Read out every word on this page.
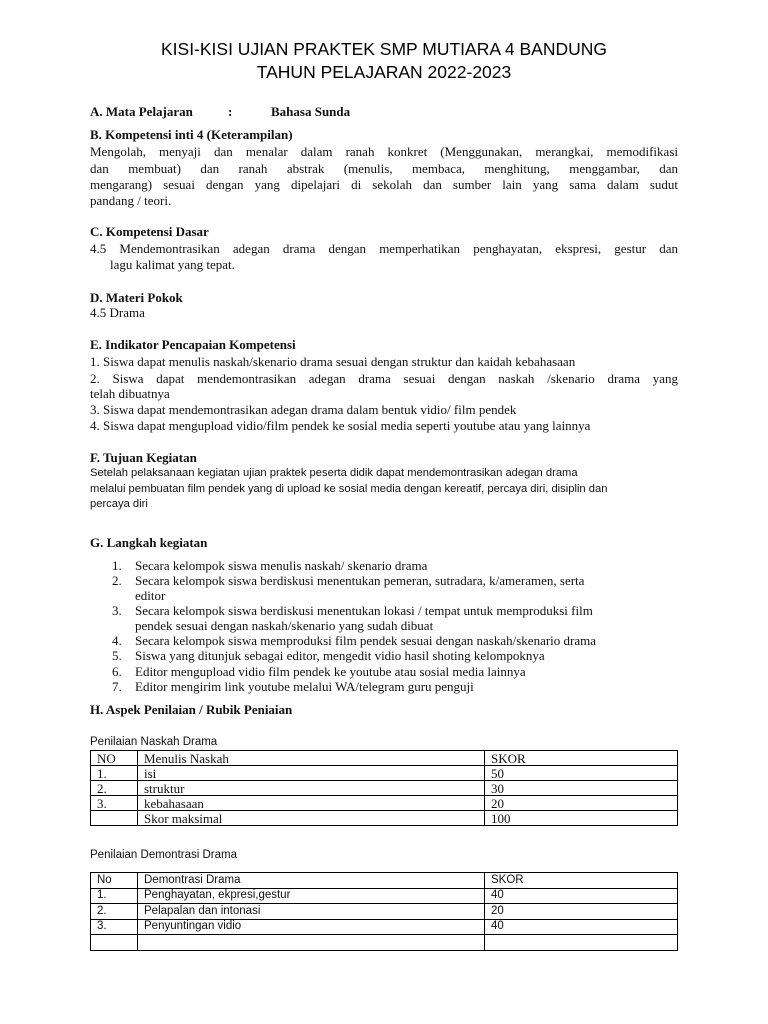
KISI-KISI UJIAN PRAKTEK SMP MUTIARA 4 BANDUNG
TAHUN PELAJARAN 2022-2023
A. Mata Pelajaran	:	Bahasa Sunda
B. Kompetensi inti 4 (Keterampilan)
Mengolah, menyaji dan menalar dalam ranah konkret (Menggunakan, merangkai, memodifikasi
dan membuat) dan ranah abstrak (menulis, membaca, menghitung, menggambar, dan
mengarang) sesuai dengan yang dipelajari di sekolah dan sumber lain yang sama dalam sudut
pandang / teori.
C. Kompetensi Dasar
4.5 Mendemontrasikan adegan drama dengan memperhatikan penghayatan, ekspresi, gestur dan
lagu kalimat yang tepat.
D. Materi Pokok
4.5 Drama
E. Indikator Pencapaian Kompetensi
1. Siswa dapat menulis naskah/skenario drama sesuai dengan struktur dan kaidah kebahasaan
2. Siswa dapat mendemontrasikan adegan drama sesuai dengan naskah /skenario drama yang
telah dibuatnya
3. Siswa dapat mendemontrasikan adegan drama dalam bentuk vidio/ film pendek
4. Siswa dapat mengupload vidio/film pendek ke sosial media seperti youtube atau yang lainnya
F. Tujuan Kegiatan
Setelah pelaksanaan kegiatan ujian praktek peserta didik dapat mendemontrasikan adegan drama
melalui pembuatan film pendek yang di upload ke sosial media dengan kereatif, percaya diri, disiplin dan
percaya diri
G. Langkah kegiatan
1. Secara kelompok siswa menulis naskah/ skenario drama
2. Secara kelompok siswa berdiskusi menentukan pemeran, sutradara, k/ameramen, serta
editor
3. Secara kelompok siswa berdiskusi menentukan lokasi / tempat untuk memproduksi film
pendek sesuai dengan naskah/skenario yang sudah dibuat
4. Secara kelompok siswa memproduksi film pendek sesuai dengan naskah/skenario drama
5. Siswa yang ditunjuk sebagai editor, mengedit vidio hasil shoting kelompoknya
6. Editor mengupload vidio film pendek ke youtube atau sosial media lainnya
7. Editor mengirim link youtube melalui WA/telegram guru penguji
H. Aspek Penilaian / Rubik Peniaian
Penilaian Naskah Drama
NO	Menulis Naskah	SKOR
1.	isi	50
2.	struktur	30
3.	kebahasaan	20
	Skor maksimal	100
Penilaian Demontrasi Drama
No	Demontrasi Drama	SKOR
1.	Penghayatan, ekpresi,gestur	40
2.	Pelapalan dan intonasi	20
3.	Penyuntingan vidio	40
